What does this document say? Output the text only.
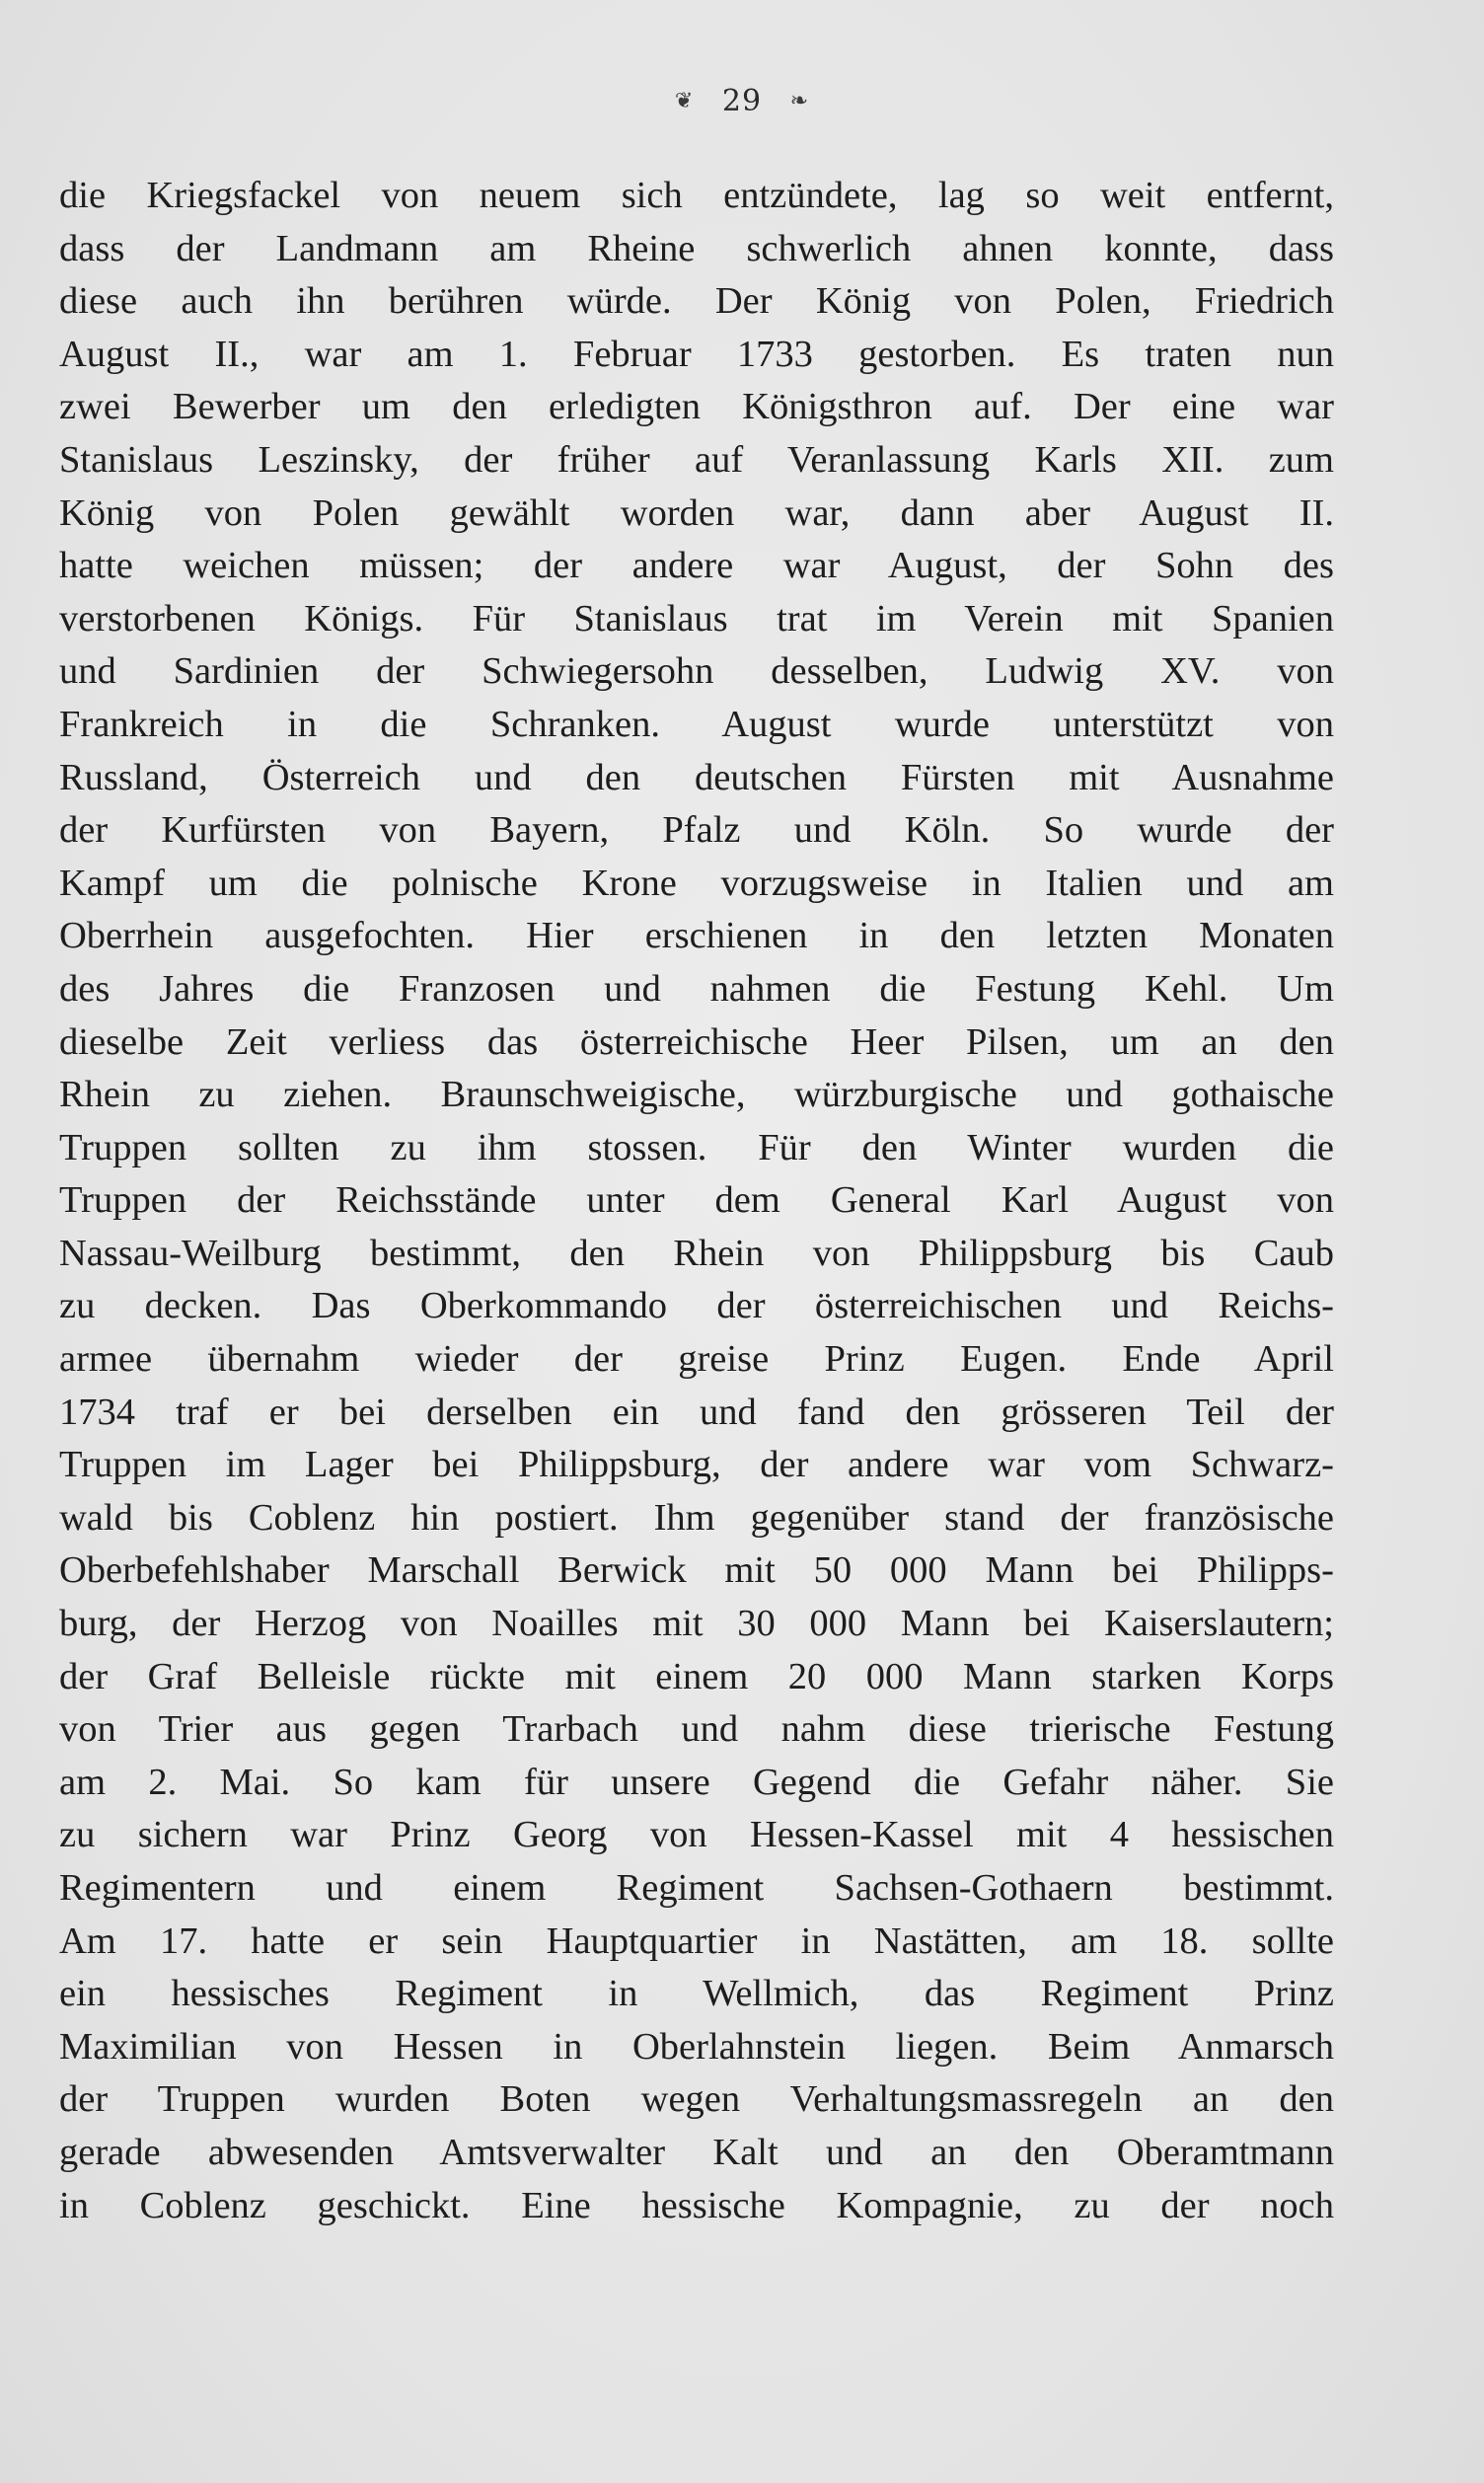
❦ 29 ❧
die Kriegsfackel von neuem sich entzündete, lag so weit entfernt,
dass der Landmann am Rheine schwerlich ahnen konnte, dass
diese auch ihn berühren würde. Der König von Polen, Friedrich
August II., war am 1. Februar 1733 gestorben. Es traten nun
zwei Bewerber um den erledigten Königsthron auf. Der eine war
Stanislaus Leszinsky, der früher auf Veranlassung Karls XII. zum
König von Polen gewählt worden war, dann aber August II.
hatte weichen müssen; der andere war August, der Sohn des
verstorbenen Königs. Für Stanislaus trat im Verein mit Spanien
und Sardinien der Schwiegersohn desselben, Ludwig XV. von
Frankreich in die Schranken. August wurde unterstützt von
Russland, Österreich und den deutschen Fürsten mit Ausnahme
der Kurfürsten von Bayern, Pfalz und Köln. So wurde der
Kampf um die polnische Krone vorzugsweise in Italien und am
Oberrhein ausgefochten. Hier erschienen in den letzten Monaten
des Jahres die Franzosen und nahmen die Festung Kehl. Um
dieselbe Zeit verliess das österreichische Heer Pilsen, um an den
Rhein zu ziehen. Braunschweigische, würzburgische und gothaische
Truppen sollten zu ihm stossen. Für den Winter wurden die
Truppen der Reichsstände unter dem General Karl August von
Nassau-Weilburg bestimmt, den Rhein von Philippsburg bis Caub
zu decken. Das Oberkommando der österreichischen und Reichs-
armee übernahm wieder der greise Prinz Eugen. Ende April
1734 traf er bei derselben ein und fand den grösseren Teil der
Truppen im Lager bei Philippsburg, der andere war vom Schwarz-
wald bis Coblenz hin postiert. Ihm gegenüber stand der französische
Oberbefehlshaber Marschall Berwick mit 50 000 Mann bei Philipps-
burg, der Herzog von Noailles mit 30 000 Mann bei Kaiserslautern;
der Graf Belleisle rückte mit einem 20 000 Mann starken Korps
von Trier aus gegen Trarbach und nahm diese trierische Festung
am 2. Mai. So kam für unsere Gegend die Gefahr näher. Sie
zu sichern war Prinz Georg von Hessen-Kassel mit 4 hessischen
Regimentern und einem Regiment Sachsen-Gothaern bestimmt.
Am 17. hatte er sein Hauptquartier in Nastätten, am 18. sollte
ein hessisches Regiment in Wellmich, das Regiment Prinz
Maximilian von Hessen in Oberlahnstein liegen. Beim Anmarsch
der Truppen wurden Boten wegen Verhaltungsmassregeln an den
gerade abwesenden Amtsverwalter Kalt und an den Oberamtmann
in Coblenz geschickt. Eine hessische Kompagnie, zu der noch
